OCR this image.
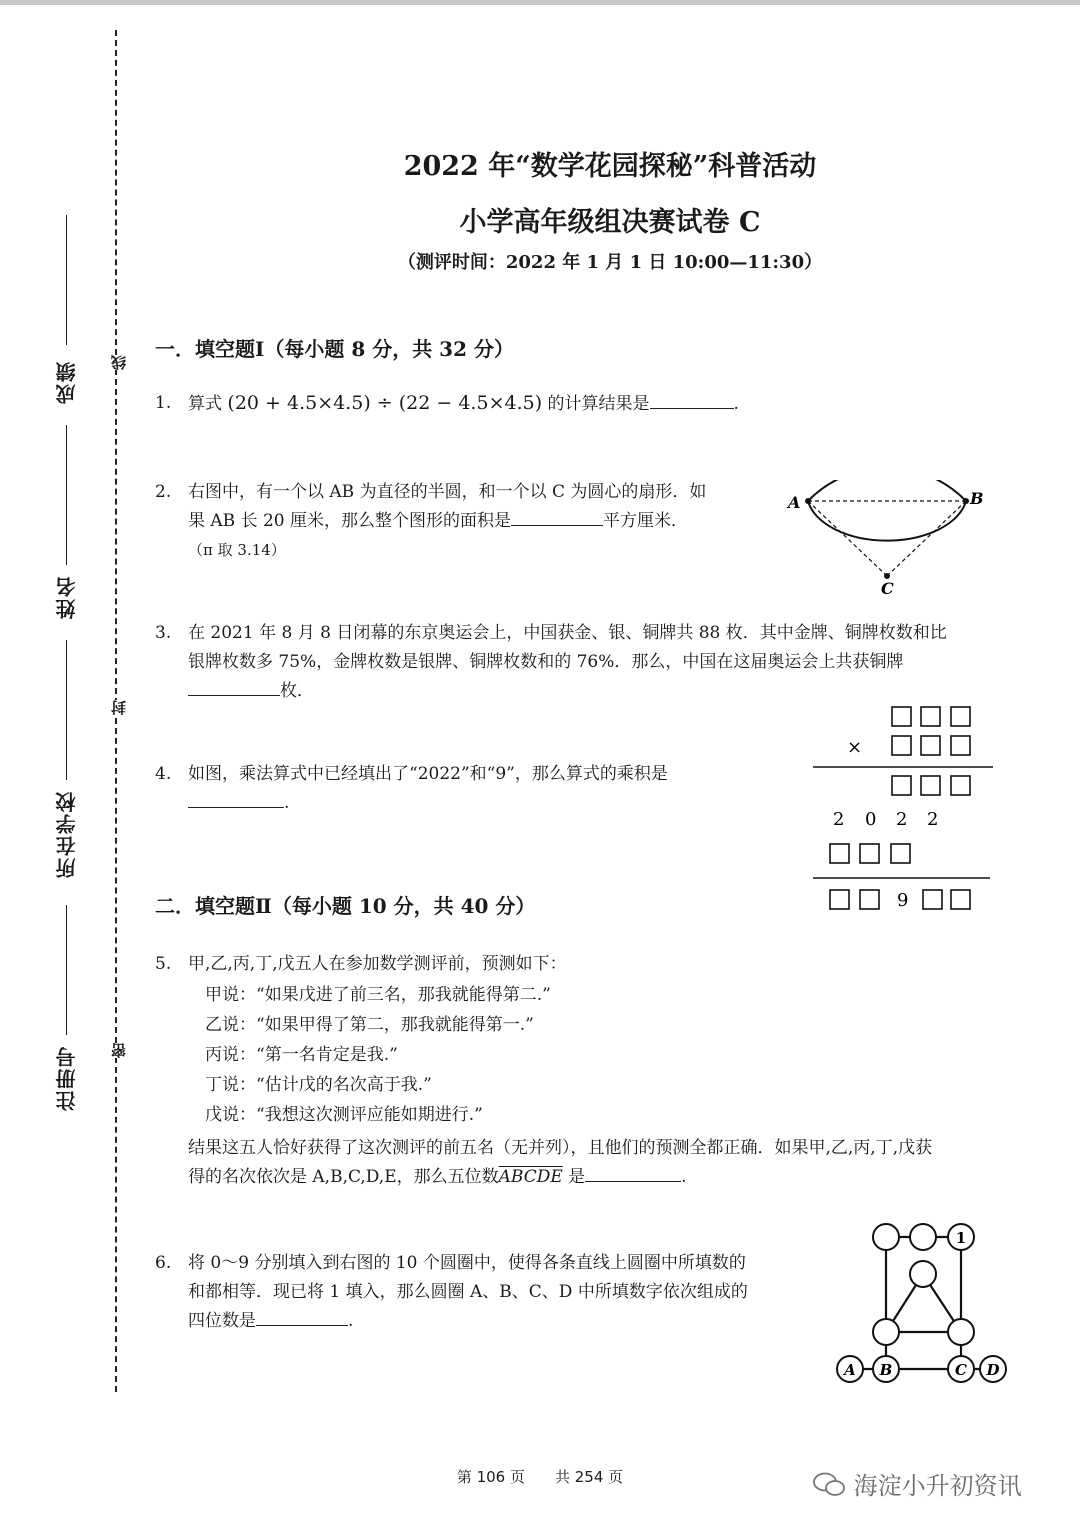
成绩
姓名
所在学校
注册号
线
封
密
2022 年“数学花园探秘”科普活动
小学高年级组决赛试卷 C
（测评时间：2022 年 1 月 1 日 10:00—11:30）
一．填空题Ⅰ（每小题 8 分，共 32 分）
1. 算式 (20 + 4.5×4.5) ÷ (22 − 4.5×4.5) 的计算结果是	.
2. 右图中，有一个以 AB 为直径的半圆，和一个以 C 为圆心的扇形．如
果 AB 长 20 厘米，那么整个图形的面积是	平方厘米．
（π 取 3.14）
A	B
C
3. 在 2021 年 8 月 8 日闭幕的东京奥运会上，中国获金、银、铜牌共 88 枚．其中金牌、铜牌枚数和比
银牌枚数多 75%，金牌枚数是银牌、铜牌枚数和的 76%．那么，中国在这届奥运会上共获铜牌
枚．
4. 如图，乘法算式中已经填出了“2022”和“9”，那么算式的乘积是
.
×
2 0 2 2
9
二．填空题Ⅱ（每小题 10 分，共 40 分）
5. 甲,乙,丙,丁,戊五人在参加数学测评前，预测如下：
甲说：“如果戊进了前三名，那我就能得第二.”
乙说：“如果甲得了第二，那我就能得第一.”
丙说：“第一名肯定是我.”
丁说：“估计戊的名次高于我.”
戊说：“我想这次测评应能如期进行.”
结果这五人恰好获得了这次测评的前五名（无并列），且他们的预测全都正确．如果甲,乙,丙,丁,戊获
得的名次依次是 A,B,C,D,E，那么五位数ABCDE 是	.
6. 将 0～9 分别填入到右图的 10 个圆圈中，使得各条直线上圆圈中所填数的
和都相等．现已将 1 填入，那么圆圈 A、B、C、D 中所填数字依次组成的
四位数是	.
1
A B	C D
第 106 页　　共 254 页	海淀小升初资讯
